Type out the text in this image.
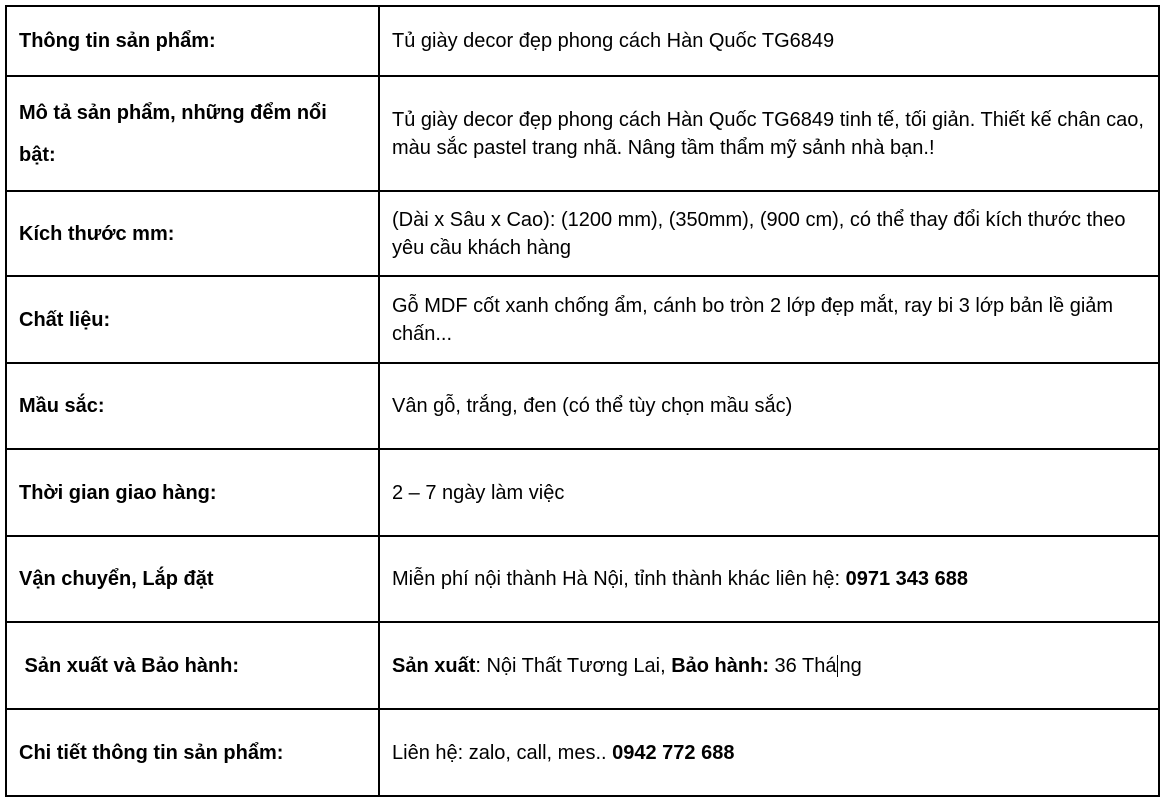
Thông tin sản phẩm:	Tủ giày decor đẹp phong cách Hàn Quốc TG6849
Mô tả sản phẩm, những đểm nổi bật:	Tủ giày decor đẹp phong cách Hàn Quốc TG6849 tinh tế, tối giản. Thiết kế chân cao, màu sắc pastel trang nhã. Nâng tầm thẩm mỹ sảnh nhà bạn.!
Kích thước mm:	(Dài x Sâu x Cao): (1200 mm), (350mm), (900 cm), có thể thay đổi kích thước theo yêu cầu khách hàng
Chất liệu:	Gỗ MDF cốt xanh chống ẩm, cánh bo tròn 2 lớp đẹp mắt, ray bi 3 lớp bản lề giảm chấn...
Mầu sắc:	Vân gỗ, trắng, đen (có thể tùy chọn mầu sắc)
Thời gian giao hàng:	2 – 7 ngày làm việc
Vận chuyển, Lắp đặt	Miễn phí nội thành Hà Nội, tỉnh thành khác liên hệ: 0971 343 688
Sản xuất và Bảo hành:	Sản xuất: Nội Thất Tương Lai, Bảo hành: 36 Thá ng
Chi tiết thông tin sản phẩm:	Liên hệ: zalo, call, mes.. 0942 772 688
